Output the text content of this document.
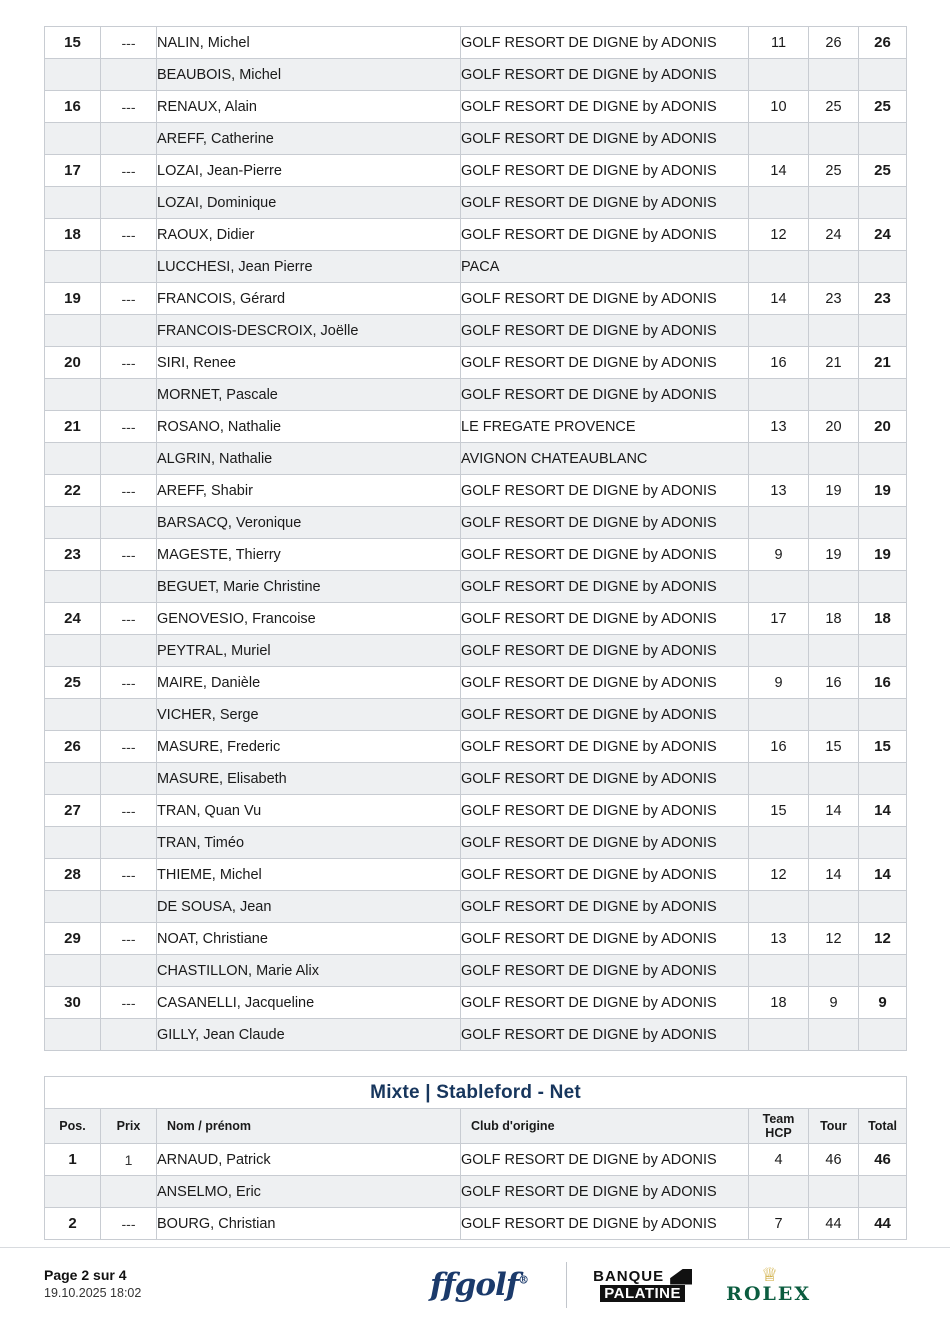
15	---	NALIN, Michel	GOLF RESORT DE DIGNE by ADONIS	11	26	26
		BEAUBOIS, Michel	GOLF RESORT DE DIGNE by ADONIS			
16	---	RENAUX, Alain	GOLF RESORT DE DIGNE by ADONIS	10	25	25
		AREFF, Catherine	GOLF RESORT DE DIGNE by ADONIS			
17	---	LOZAI, Jean-Pierre	GOLF RESORT DE DIGNE by ADONIS	14	25	25
		LOZAI, Dominique	GOLF RESORT DE DIGNE by ADONIS			
18	---	RAOUX, Didier	GOLF RESORT DE DIGNE by ADONIS	12	24	24
		LUCCHESI, Jean Pierre	PACA			
19	---	FRANCOIS, Gérard	GOLF RESORT DE DIGNE by ADONIS	14	23	23
		FRANCOIS-DESCROIX, Joëlle	GOLF RESORT DE DIGNE by ADONIS			
20	---	SIRI, Renee	GOLF RESORT DE DIGNE by ADONIS	16	21	21
		MORNET, Pascale	GOLF RESORT DE DIGNE by ADONIS			
21	---	ROSANO, Nathalie	LE FREGATE PROVENCE	13	20	20
		ALGRIN, Nathalie	AVIGNON CHATEAUBLANC			
22	---	AREFF, Shabir	GOLF RESORT DE DIGNE by ADONIS	13	19	19
		BARSACQ, Veronique	GOLF RESORT DE DIGNE by ADONIS			
23	---	MAGESTE, Thierry	GOLF RESORT DE DIGNE by ADONIS	9	19	19
		BEGUET, Marie Christine	GOLF RESORT DE DIGNE by ADONIS			
24	---	GENOVESIO, Francoise	GOLF RESORT DE DIGNE by ADONIS	17	18	18
		PEYTRAL, Muriel	GOLF RESORT DE DIGNE by ADONIS			
25	---	MAIRE, Danièle	GOLF RESORT DE DIGNE by ADONIS	9	16	16
		VICHER, Serge	GOLF RESORT DE DIGNE by ADONIS			
26	---	MASURE, Frederic	GOLF RESORT DE DIGNE by ADONIS	16	15	15
		MASURE, Elisabeth	GOLF RESORT DE DIGNE by ADONIS			
27	---	TRAN, Quan Vu	GOLF RESORT DE DIGNE by ADONIS	15	14	14
		TRAN, Timéo	GOLF RESORT DE DIGNE by ADONIS			
28	---	THIEME, Michel	GOLF RESORT DE DIGNE by ADONIS	12	14	14
		DE SOUSA, Jean	GOLF RESORT DE DIGNE by ADONIS			
29	---	NOAT, Christiane	GOLF RESORT DE DIGNE by ADONIS	13	12	12
		CHASTILLON, Marie Alix	GOLF RESORT DE DIGNE by ADONIS			
30	---	CASANELLI, Jacqueline	GOLF RESORT DE DIGNE by ADONIS	18	9	9
		GILLY, Jean Claude	GOLF RESORT DE DIGNE by ADONIS			
Mixte | Stableford - Net						
Pos.	Prix	Nom / prénom	Club d'origine	Team HCP	Tour	Total
1	1	ARNAUD, Patrick	GOLF RESORT DE DIGNE by ADONIS	4	46	46
		ANSELMO, Eric	GOLF RESORT DE DIGNE by ADONIS			
2	---	BOURG, Christian	GOLF RESORT DE DIGNE by ADONIS	7	44	44
Page 2 sur 4
19.10.2025 18:02	ffgolf®	BANQUE
PALATINE
♕
ROLEX
